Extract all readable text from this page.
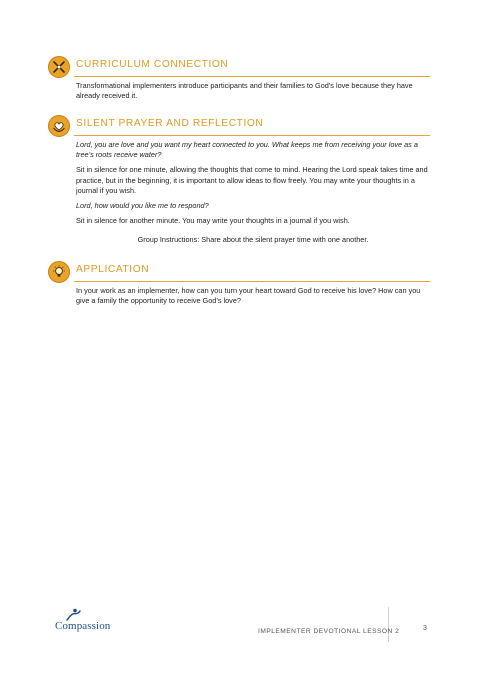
CURRICULUM CONNECTION

Transformational implementers introduce participants and their families to God’s love because they have already received it.

SILENT PRAYER AND REFLECTION

Lord, you are love and you want my heart connected to you. What keeps me from receiving your love as a tree’s roots receive water?

Sit in silence for one minute, allowing the thoughts that come to mind. Hearing the Lord speak takes time and practice, but in the beginning, it is important to allow ideas to flow freely. You may write your thoughts in a journal if you wish.

Lord, how would you like me to respond?

Sit in silence for another minute. You may write your thoughts in a journal if you wish.

Group Instructions: Share about the silent prayer time with one another.

APPLICATION

In your work as an implementer, how can you turn your heart toward God to receive his love? How can you give a family the opportunity to receive God’s love?

Compassion	IMPLEMENTER DEVOTIONAL LESSON 2	3
